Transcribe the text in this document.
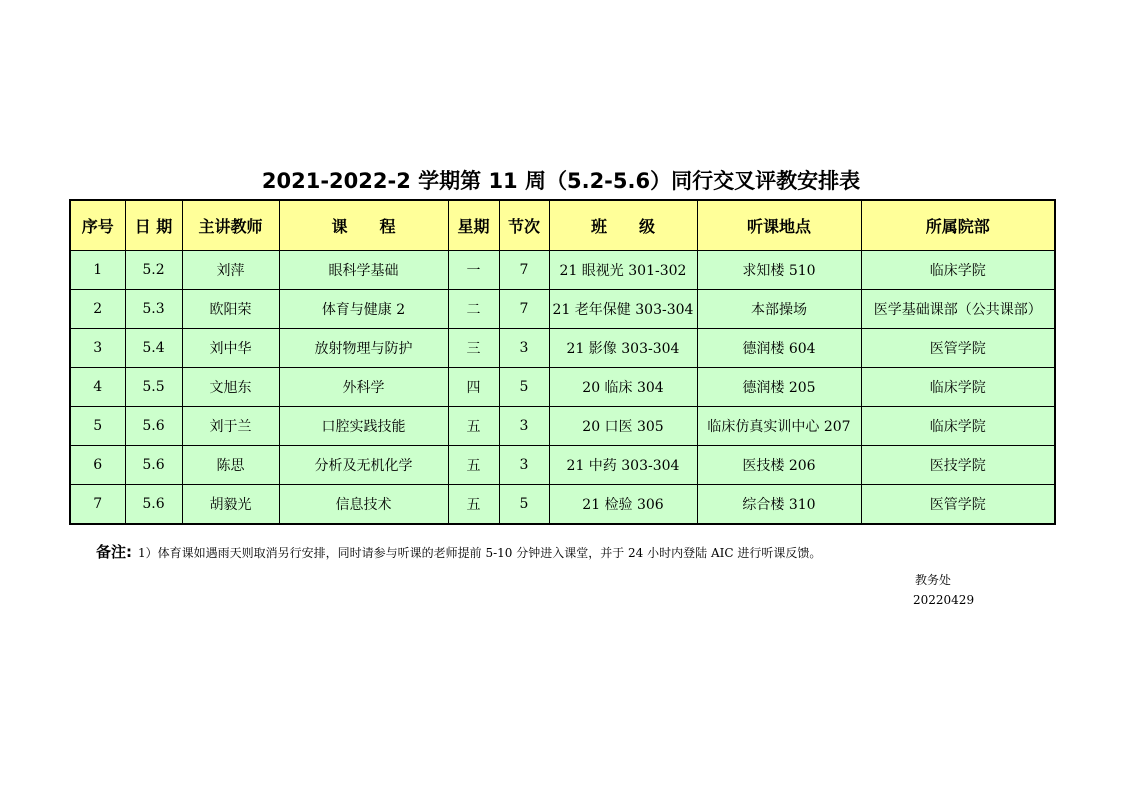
2021-2022-2 学期第 11 周（5.2-5.6）同行交叉评教安排表
序号	日 期	主讲教师	课　　程	星期	节次	班　　级	听课地点	所属院部
1	5.2	刘萍	眼科学基础	一	7	21 眼视光 301-302	求知楼 510	临床学院
2	5.3	欧阳荣	体育与健康 2	二	7	21 老年保健 303-304	本部操场	医学基础课部（公共课部）
3	5.4	刘中华	放射物理与防护	三	3	21 影像 303-304	德润楼 604	医管学院
4	5.5	文旭东	外科学	四	5	20 临床 304	德润楼 205	临床学院
5	5.6	刘于兰	口腔实践技能	五	3	20 口医 305	临床仿真实训中心 207	临床学院
6	5.6	陈思	分析及无机化学	五	3	21 中药 303-304	医技楼 206	医技学院
7	5.6	胡毅光	信息技术	五	5	21 检验 306	综合楼 310	医管学院
备注: 1）体育课如遇雨天则取消另行安排，同时请参与听课的老师提前 5-10 分钟进入课堂，并于 24 小时内登陆 AIC 进行听课反馈。
教务处
20220429
